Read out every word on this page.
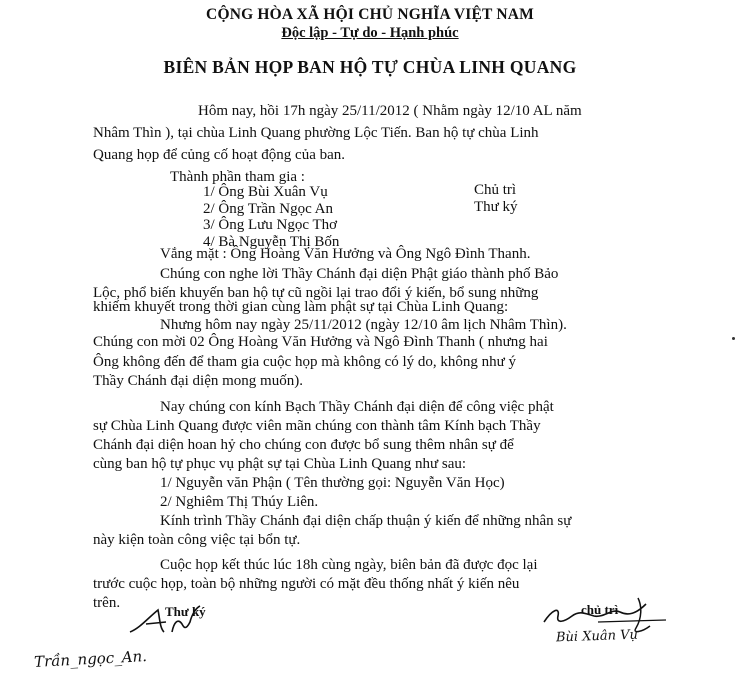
CỘNG HÒA XÃ HỘI CHỦ NGHĨA VIỆT NAM
Độc lập - Tự do - Hạnh phúc
BIÊN BẢN HỌP BAN HỘ TỰ CHÙA LINH QUANG
Hôm nay, hồi 17h ngày 25/11/2012 ( Nhằm ngày 12/10 AL năm
Nhâm Thìn ), tại chùa Linh Quang phường Lộc Tiến. Ban hộ tự chùa Linh
Quang họp để củng cố hoạt động của ban.
Thành phần tham gia :
1/ Ông Bùi Xuân Vụ	Chủ trì
2/ Ông Trần Ngọc An	Thư ký
3/ Ông Lưu Ngọc Thơ
4/ Bà Nguyễn Thị Bốn
Vắng mặt : Ông Hoàng Văn Hưởng và Ông Ngô Đình Thanh.
Chúng con nghe lời Thầy Chánh đại diện Phật giáo thành phố Bảo
Lộc, phổ biến khuyến ban hộ tự cũ ngồi lại trao đổi ý kiến, bổ sung những
khiếm khuyết trong thời gian cùng làm phật sự tại Chùa Linh Quang:
Nhưng hôm nay ngày 25/11/2012 (ngày 12/10 âm lịch Nhâm Thìn).
Chúng con mời 02 Ông Hoàng Văn Hưởng và Ngô Đình Thanh ( nhưng hai
Ông không đến để tham gia cuộc họp mà không có lý do, không như ý
Thầy Chánh đại diện mong muốn).
Nay chúng con kính Bạch Thầy Chánh đại diện để công việc phật
sự Chùa Linh Quang được viên mãn chúng con thành tâm Kính bạch Thầy
Chánh đại diện hoan hỷ cho chúng con được bổ sung thêm nhân sự để
cùng ban hộ tự phục vụ phật sự tại Chùa Linh Quang như sau:
1/ Nguyễn văn Phận ( Tên thường gọi: Nguyễn Văn Học)
2/ Nghiêm Thị Thúy Liên.
Kính trình Thầy Chánh đại diện chấp thuận ý kiến để những nhân sự
này kiện toàn công việc tại bổn tự.
Cuộc họp kết thúc lúc 18h cùng ngày, biên bản đã được đọc lại
trước cuộc họp, toàn bộ những người có mặt đều thống nhất ý kiến nêu
trên.
Thư ký	chủ trì
Trần_ngọc_An.
Bùi Xuân Vụ
